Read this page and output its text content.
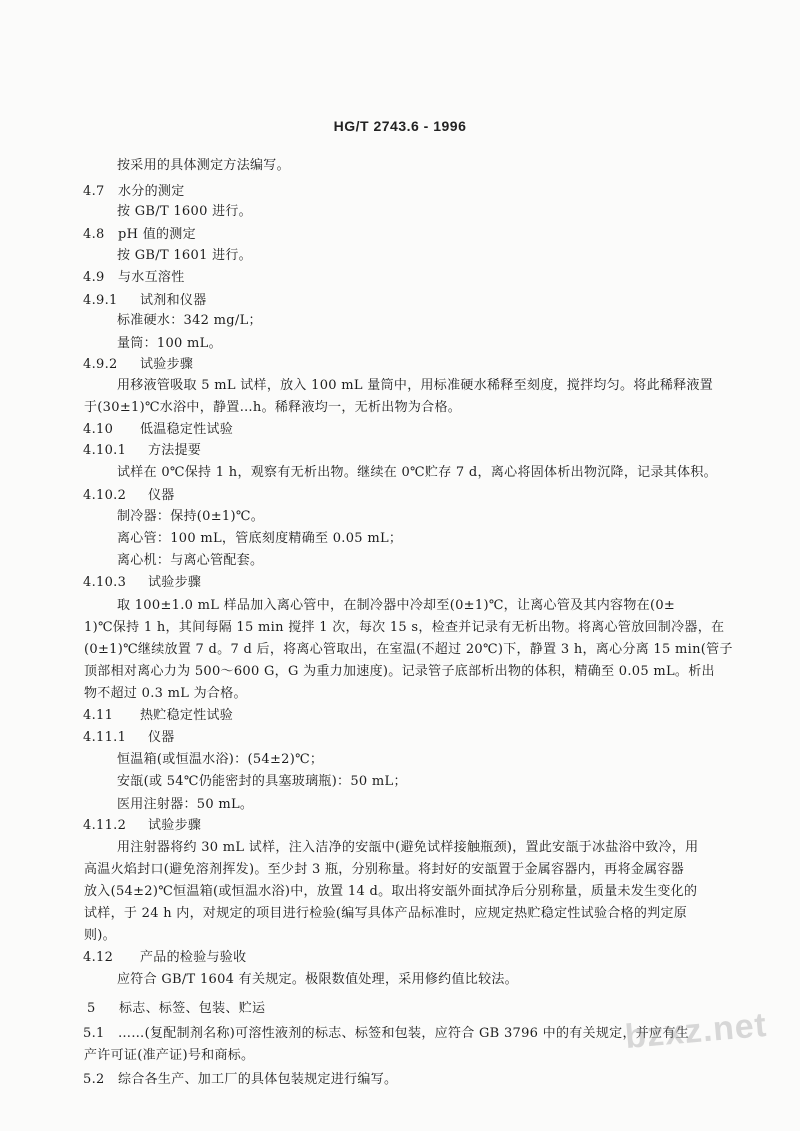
HG/T 2743.6 - 1996
按采用的具体测定方法编写。
4.7 水分的测定
按 GB/T 1600 进行。
4.8 pH 值的测定
按 GB/T 1601 进行。
4.9 与水互溶性
4.9.1 试剂和仪器
标准硬水：342 mg/L；
量筒：100 mL。
4.9.2 试验步骤
用移液管吸取 5 mL 试样，放入 100 mL 量筒中，用标准硬水稀释至刻度，搅拌均匀。将此稀释液置
于(30±1)℃水浴中，静置…h。稀释液均一，无析出物为合格。
4.10 低温稳定性试验
4.10.1 方法提要
试样在 0℃保持 1 h，观察有无析出物。继续在 0℃贮存 7 d，离心将固体析出物沉降，记录其体积。
4.10.2 仪器
制冷器：保持(0±1)℃。
离心管：100 mL，管底刻度精确至 0.05 mL；
离心机：与离心管配套。
4.10.3 试验步骤
取 100±1.0 mL 样品加入离心管中，在制冷器中冷却至(0±1)℃，让离心管及其内容物在(0±
1)℃保持 1 h，其间每隔 15 min 搅拌 1 次，每次 15 s，检查并记录有无析出物。将离心管放回制冷器，在
(0±1)℃继续放置 7 d。7 d 后，将离心管取出，在室温(不超过 20℃)下，静置 3 h，离心分离 15 min(管子
顶部相对离心力为 500～600 G，G 为重力加速度)。记录管子底部析出物的体积，精确至 0.05 mL。析出
物不超过 0.3 mL 为合格。
4.11 热贮稳定性试验
4.11.1 仪器
恒温箱(或恒温水浴)：(54±2)℃；
安瓿(或 54℃仍能密封的具塞玻璃瓶)：50 mL；
医用注射器：50 mL。
4.11.2 试验步骤
用注射器将约 30 mL 试样，注入洁净的安瓿中(避免试样接触瓶颈)，置此安瓿于冰盐浴中致冷，用
高温火焰封口(避免溶剂挥发)。至少封 3 瓶，分别称量。将封好的安瓿置于金属容器内，再将金属容器
放入(54±2)℃恒温箱(或恒温水浴)中，放置 14 d。取出将安瓿外面拭净后分别称量，质量未发生变化的
试样，于 24 h 内，对规定的项目进行检验(编写具体产品标准时，应规定热贮稳定性试验合格的判定原
则)。
4.12 产品的检验与验收
应符合 GB/T 1604 有关规定。极限数值处理，采用修约值比较法。
5 标志、标签、包装、贮运
5.1 ……(复配制剂名称)可溶性液剂的标志、标签和包装，应符合 GB 3796 中的有关规定，并应有生
产许可证(准产证)号和商标。
5.2 综合各生产、加工厂的具体包装规定进行编写。
bzxz.net
